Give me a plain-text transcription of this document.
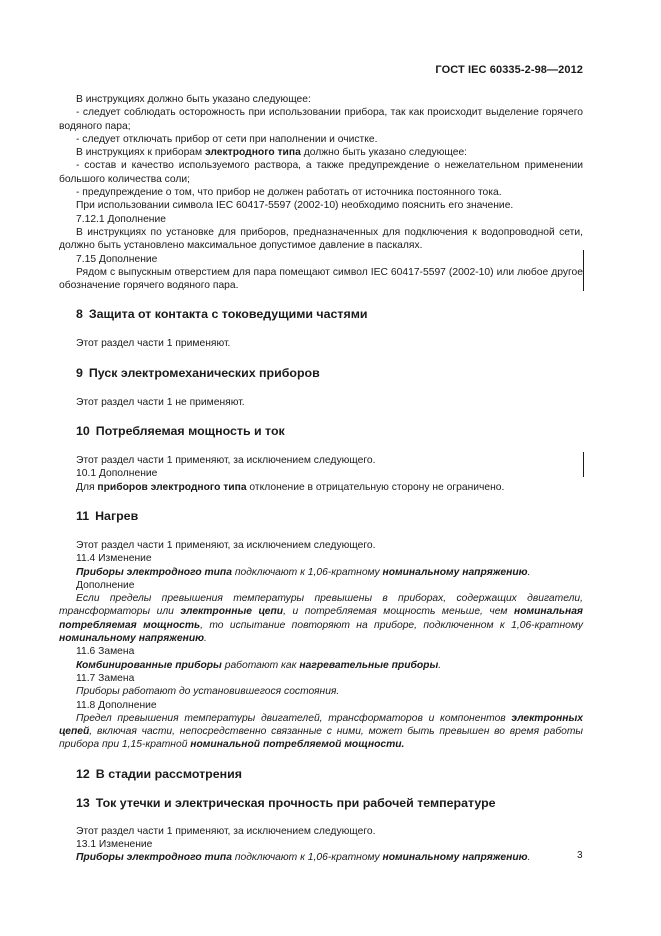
ГОСТ IEC 60335-2-98—2012

В инструкциях должно быть указано следующее:

- следует соблюдать осторожность при использовании прибора, так как происходит выделение горячего водяного пара;

- следует отключать прибор от сети при наполнении и очистке.

В инструкциях к приборам электродного типа должно быть указано следующее:

- состав и качество используемого раствора, а также предупреждение о нежелательном применении большого количества соли;

- предупреждение о том, что прибор не должен работать от источника постоянного тока.

При использовании символа IEC 60417-5597 (2002-10) необходимо пояснить его значение.

7.12.1 Дополнение

В инструкциях по установке для приборов, предназначенных для подключения к водопроводной сети, должно быть установлено максимальное допустимое давление в паскалях.

7.15 Дополнение

Рядом с выпускным отверстием для пара помещают символ IEC 60417-5597 (2002-10) или любое другое обозначение горячего водяного пара.

8 Защита от контакта с токоведущими частями

Этот раздел части 1 применяют.

9 Пуск электромеханических приборов

Этот раздел части 1 не применяют.

10 Потребляемая мощность и ток

Этот раздел части 1 применяют, за исключением следующего.

10.1 Дополнение

Для приборов электродного типа отклонение в отрицательную сторону не ограничено.

11 Нагрев

Этот раздел части 1 применяют, за исключением следующего.

11.4 Изменение

Приборы электродного типа подключают к 1,06-кратному номинальному напряжению.

Дополнение

Если пределы превышения температуры превышены в приборах, содержащих двигатели, трансформаторы или электронные цепи, и потребляемая мощность меньше, чем номинальная потребляемая мощность, то испытание повторяют на приборе, подключенном к 1,06-кратному номинальному напряжению.

11.6 Замена

Комбинированные приборы работают как нагревательные приборы.

11.7 Замена

Приборы работают до установившегося состояния.

11.8 Дополнение

Предел превышения температуры двигателей, трансформаторов и компонентов электронных цепей, включая части, непосредственно связанные с ними, может быть превышен во время работы прибора при 1,15-кратной номинальной потребляемой мощности.

12 В стадии рассмотрения

13 Ток утечки и электрическая прочность при рабочей температуре

Этот раздел части 1 применяют, за исключением следующего.

13.1 Изменение

Приборы электродного типа подключают к 1,06-кратному номинальному напряжению.	3
